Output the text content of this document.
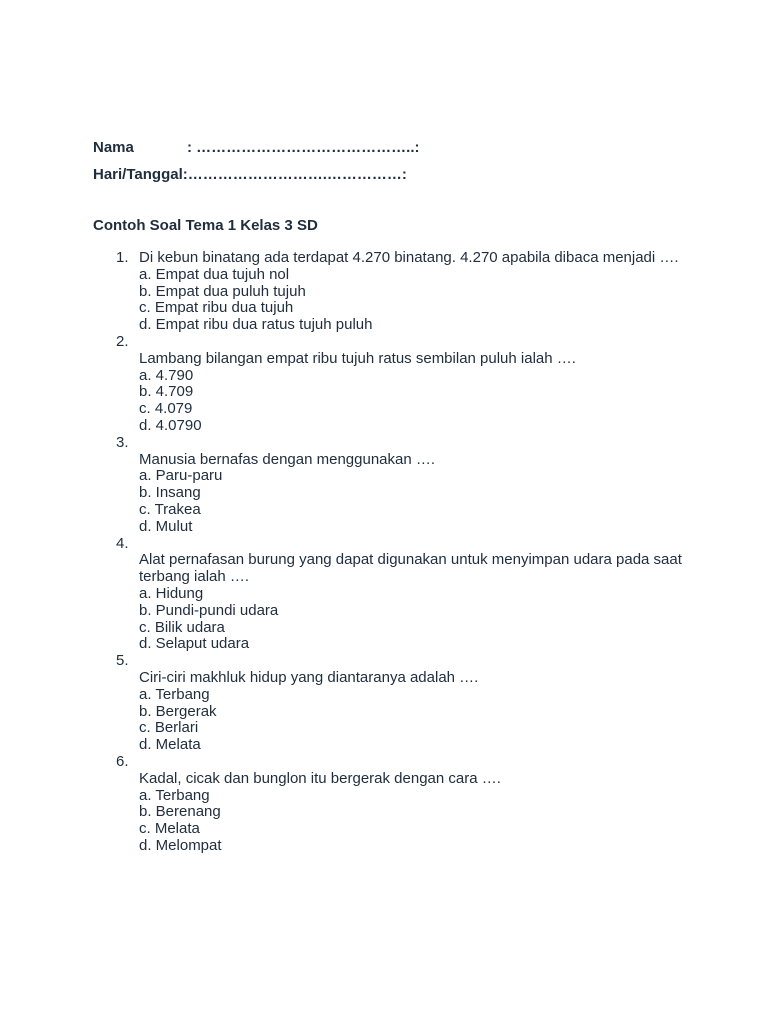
Nama	: ……………………………………..:
Hari/Tanggal:……………………….……………:
Contoh Soal Tema 1 Kelas 3 SD
1. Di kebun binatang ada terdapat 4.270 binatang. 4.270 apabila dibaca menjadi ….
a. Empat dua tujuh nol
b. Empat dua puluh tujuh
c. Empat ribu dua tujuh
d. Empat ribu dua ratus tujuh puluh
2.
Lambang bilangan empat ribu tujuh ratus sembilan puluh ialah ….
a. 4.790
b. 4.709
c. 4.079
d. 4.0790
3.
Manusia bernafas dengan menggunakan ….
a. Paru-paru
b. Insang
c. Trakea
d. Mulut
4.
Alat pernafasan burung yang dapat digunakan untuk menyimpan udara pada saat terbang ialah ….
a. Hidung
b. Pundi-pundi udara
c. Bilik udara
d. Selaput udara
5.
Ciri-ciri makhluk hidup yang diantaranya adalah ….
a. Terbang
b. Bergerak
c. Berlari
d. Melata
6.
Kadal, cicak dan bunglon itu bergerak dengan cara ….
a. Terbang
b. Berenang
c. Melata
d. Melompat
